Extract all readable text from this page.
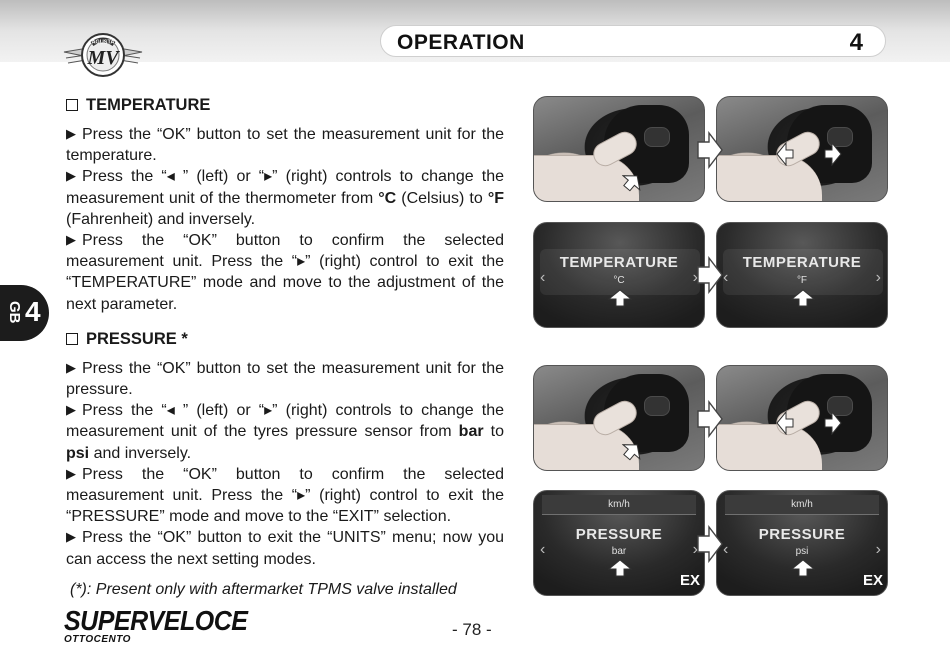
AGUSTA
MV
OPERATION	4
GB 4
TEMPERATURE

▶ Press the “OK” button to set the measurement unit for the temperature.

▶ Press the “◂ ” (left) or “▸” (right) controls to change the measurement unit of the thermometer from °C (Celsius) to °F (Fahrenheit) and inversely.

▶ Press the “OK” button to confirm the selected measurement unit. Press the “▸” (right) control to exit the “TEMPERATURE” mode and move to the adjustment of the next parameter.

PRESSURE *

▶ Press the “OK” button to set the measurement unit for the pressure.

▶ Press the “◂ ” (left) or “▸” (right) controls to change the measurement unit of the tyres pressure sensor from bar to psi and inversely.

▶ Press the “OK” button to confirm the selected measurement unit. Press the “▸” (right) control to exit the “PRESSURE” mode and move to the “EXIT” selection.

▶ Press the “OK” button to exit the “UNITS” menu; now you can access the next setting modes.

(*): Present only with aftermarket TPMS valve installed

TEMPERATURE
°C
‹	›
TEMPERATURE
°F
‹	›
km/h
PRESSURE
bar
‹	›
EX
km/h
PRESSURE
psi
‹	›
EX
SUPERVELOCE
OTTOCENTO
- 78 -
